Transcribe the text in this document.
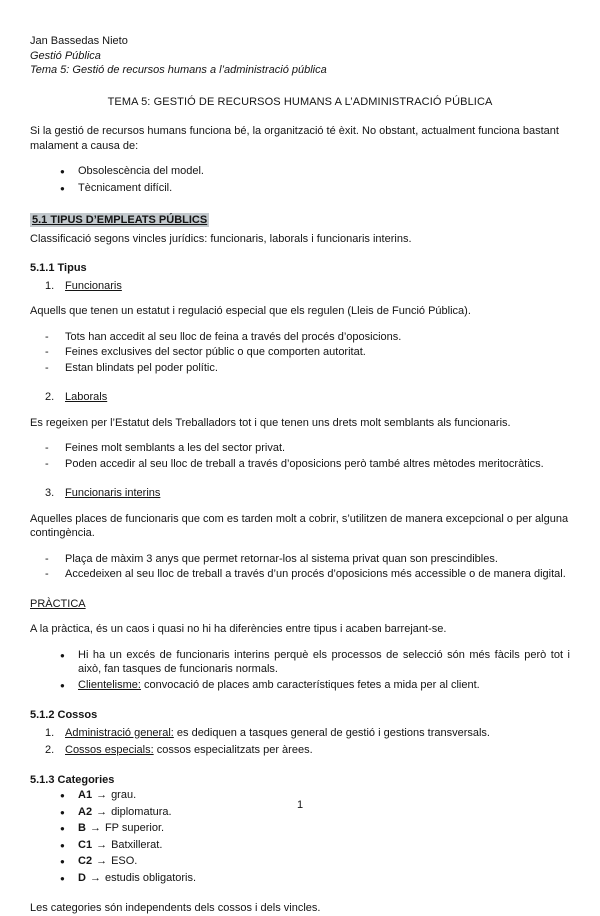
Jan Bassedas Nieto
Gestió Pública
Tema 5: Gestió de recursos humans a l’administració pública
TEMA 5: GESTIÓ DE RECURSOS HUMANS A L’ADMINISTRACIÓ PÚBLICA

Si la gestió de recursos humans funciona bé, la organització té èxit. No obstant, actualment funciona bastant malament a causa de:

●
Obsolescència del model.
●
Tècnicament difícil.
5.1 TIPUS D’EMPLEATS PÚBLICS

Classificació segons vincles jurídics: funcionaris, laborals i funcionaris interins.

5.1.1 Tipus
1. Funcionaris

Aquells que tenen un estatut i regulació especial que els regulen (Lleis de Funció Pública).

-
Tots han accedit al seu lloc de feina a través del procés d’oposicions.
-
Feines exclusives del sector públic o que comporten autoritat.
-
Estan blindats pel poder polític.
2. Laborals

Es regeixen per l’Estatut dels Treballadors tot i que tenen uns drets molt semblants als funcionaris.

-
Feines molt semblants a les del sector privat.
-
Poden accedir al seu lloc de treball a través d’oposicions però també altres mètodes meritocràtics.
3. Funcionaris interins

Aquelles places de funcionaris que com es tarden molt a cobrir, s’utilitzen de manera excepcional o per alguna contingència.

-
Plaça de màxim 3 anys que permet retornar-los al sistema privat quan son prescindibles.
-
Accedeixen al seu lloc de treball a través d’un procés d’oposicions més accessible o de manera digital.
PRÀCTICA

A la pràctica, és un caos i quasi no hi ha diferències entre tipus i acaben barrejant-se.

●
Hi ha un excés de funcionaris interins perquè els processos de selecció són més fàcils però tot i això, fan tasques de funcionaris normals.
●
Clientelisme: convocació de places amb característiques fetes a mida per al client.
5.1.2 Cossos
1. Administració general: es dediquen a tasques general de gestió i gestions transversals.
2. Cossos especials: cossos especialitzats per àrees.
5.1.3 Categories
●
A1 → grau.
●
A2 → diplomatura.
●
B → FP superior.
●
C1 → Batxillerat.
●
C2 → ESO.
●
D → estudis obligatoris.

Les categories són independents dels cossos i dels vincles.

1
